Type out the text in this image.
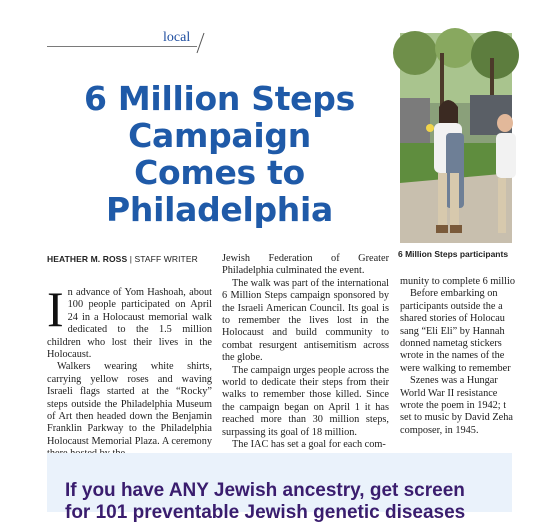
local
6 Million Steps
Campaign
Comes to
Philadelphia
HEATHER M. ROSS | STAFF WRITER

In advance of Yom Hashoah, about 100 people participated on April 24 in a Holocaust memorial walk dedicated to the 1.5 million children who lost their lives in the Holocaust.

Walkers wearing white shirts, carrying yellow roses and waving Israeli flags started at the “Rocky” steps outside the Philadelphia Museum of Art then headed down the Benjamin Franklin Parkway to the Philadelphia Holocaust Memorial Plaza. A ceremony

Jewish Federation of Greater Philadelphia culminated the event.

The walk was part of the international 6 Million Steps campaign sponsored by the Israeli American Council. Its goal is to remember the lives lost in the Holocaust and build community to combat resurgent antisemitism across the globe.

The campaign urges people across the world to dedicate their steps from their walks to remember those killed. Since the campaign began on April 1 it has reached more than 30 million steps, surpassing its goal of 18 million.

The IAC has set a goal for each com-

munity to complete 6 millio

Before embarking on

participants outside the a

shared stories of Holocau

sang “Eli Eli” by Hannah

donned nametag stickers

wrote in the names of the

were walking to remember

Szenes was a Hungar

World War II resistance

wrote the poem in 1942; t

set to music by David Zeha

composer, in 1945.

6 Million Steps participants
If you have ANY Jewish ancestry, get screen
for 101 preventable Jewish genetic diseases
